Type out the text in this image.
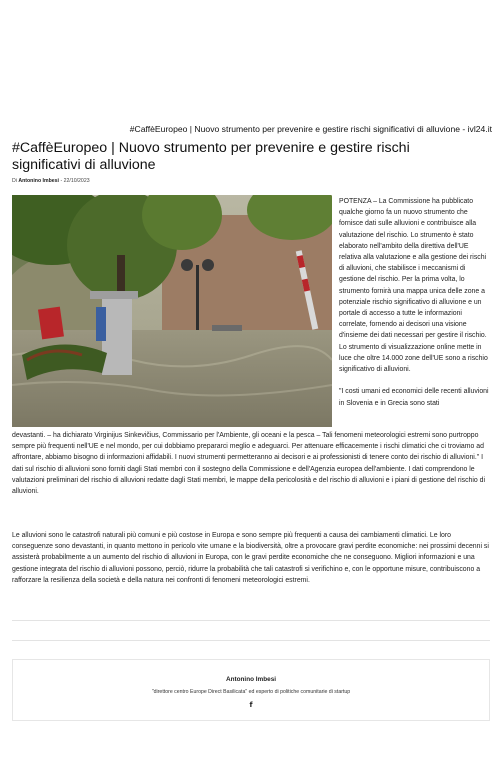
#CaffèEuropeo | Nuovo strumento per prevenire e gestire rischi significativi di alluvione - ivl24.it
#CaffèEuropeo | Nuovo strumento per prevenire e gestire rischi significativi di alluvione
Di Antonino Imbesi - 22/10/2023

POTENZA – La Commissione ha pubblicato qualche giorno fa un nuovo strumento che fornisce dati sulle alluvioni e contribuisce alla valutazione del rischio. Lo strumento è stato elaborato nell'ambito della direttiva dell'UE relativa alla valutazione e alla gestione dei rischi di alluvioni, che stabilisce i meccanismi di gestione del rischio. Per la prima volta, lo strumento fornirà una mappa unica delle zone a potenziale rischio significativo di alluvione e un portale di accesso a tutte le informazioni correlate, fornendo ai decisori una visione d'insieme dei dati necessari per gestire il rischio. Lo strumento di visualizzazione online mette in luce che oltre 14.000 zone dell'UE sono a rischio significativo di alluvioni.

"I costi umani ed economici delle recenti alluvioni in Slovenia e in Grecia sono stati

devastanti. – ha dichiarato Virginijus Sinkevičius, Commissario per l'Ambiente, gli oceani e la pesca – Tali fenomeni meteorologici estremi sono purtroppo sempre più frequenti nell'UE e nel mondo, per cui dobbiamo prepararci meglio e adeguarci. Per attenuare efficacemente i rischi climatici che ci troviamo ad affrontare, abbiamo bisogno di informazioni affidabili. I nuovi strumenti permetteranno ai decisori e ai professionisti di tenere conto dei rischio di alluvioni." I dati sul rischio di alluvioni sono forniti dagli Stati membri con il sostegno della Commissione e dell'Agenzia europea dell'ambiente. I dati comprendono le valutazioni preliminari del rischio di alluvioni redatte dagli Stati membri, le mappe della pericolosità e del rischio di alluvioni e i piani di gestione del rischio di alluvioni.

Le alluvioni sono le catastrofi naturali più comuni e più costose in Europa e sono sempre più frequenti a causa dei cambiamenti climatici. Le loro conseguenze sono devastanti, in quanto mettono in pericolo vite umane e la biodiversità, oltre a provocare gravi perdite economiche: nei prossimi decenni si assisterà probabilmente a un aumento del rischio di alluvioni in Europa, con le gravi perdite economiche che ne conseguono. Migliori informazioni e una gestione integrata del rischio di alluvioni possono, perciò, ridurre la probabilità che tali catastrofi si verifichino e, con le opportune misure, contribuiscono a rafforzare la resilienza della società e della natura nei confronti di fenomeni meteorologici estremi.

Antonino Imbesi
"direttore centro Europe Direct Basilicata" ed esperto di politiche comunitarie di startup
f
